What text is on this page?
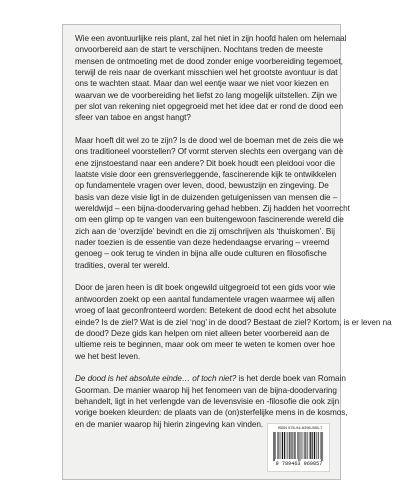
Wie een avontuurlijke reis plant, zal het niet in zijn hoofd halen om helemaal
onvoorbereid aan de start te verschijnen. Nochtans treden de meeste
mensen de ontmoeting met de dood zonder enige voorbereiding tegemoet,
terwijl de reis naar de overkant misschien wel het grootste avontuur is dat
ons te wachten staat. Maar dan wel eentje waar we niet voor kiezen en
waarvan we de voorbereiding het liefst zo lang mogelijk uitstellen. Zijn we
per slot van rekening niet opgegroeid met het idee dat er rond de dood een
sfeer van taboe en angst hangt?

Maar hoeft dit wel zo te zijn? Is de dood wel de boeman met de zeis die we
ons traditioneel voorstellen? Of vormt sterven slechts een overgang van de
ene zijnstoestand naar een andere? Dit boek houdt een pleidooi voor die
laatste visie door een grensverleggende, fascinerende kijk te ontwikkelen
op fundamentele vragen over leven, dood, bewustzijn en zingeving. De
basis van deze visie ligt in de duizenden getuigenissen van mensen die –
wereldwijd – een bijna-doodervaring gehad hebben. Zij hadden het voorrecht
om een glimp op te vangen van een buitengewoon fascinerende wereld die
zich aan de ‘overzijde’ bevindt en die zij omschrijven als ‘thuiskomen’. Bij
nader toezien is de essentie van deze hedendaagse ervaring – vreemd
genoeg – ook terug te vinden in bijna alle oude culturen en filosofische
tradities, overal ter wereld.

Door de jaren heen is dit boek ongewild uitgegroeid tot een gids voor wie
antwoorden zoekt op een aantal fundamentele vragen waarmee wij allen
vroeg of laat geconfronteerd worden: Betekent de dood echt het absolute
einde? Is de ziel? Wat is de ziel ‘nog’ in de dood? Bestaat de ziel? Kortom, is er leven na
de dood? Deze gids kan helpen om niet alleen beter voorbereid aan de
ultieme reis te beginnen, maar ook om meer te weten te komen over hoe
we het best leven.

De dood is het absolute einde… of toch niet? is het derde boek van Romain
Goorman. De manier waarop hij het fenomeen van de bijna-doodervaring
behandelt, ligt in het verlengde van de levensvisie en -filosofie die ook zijn
vorige boeken kleurden: de plaats van de (on)sterfelijke mens in de kosmos,
en de manier waarop hij hierin zingeving kan vinden.	ISBN 978-94-6396-985-7
9 789463 969857
